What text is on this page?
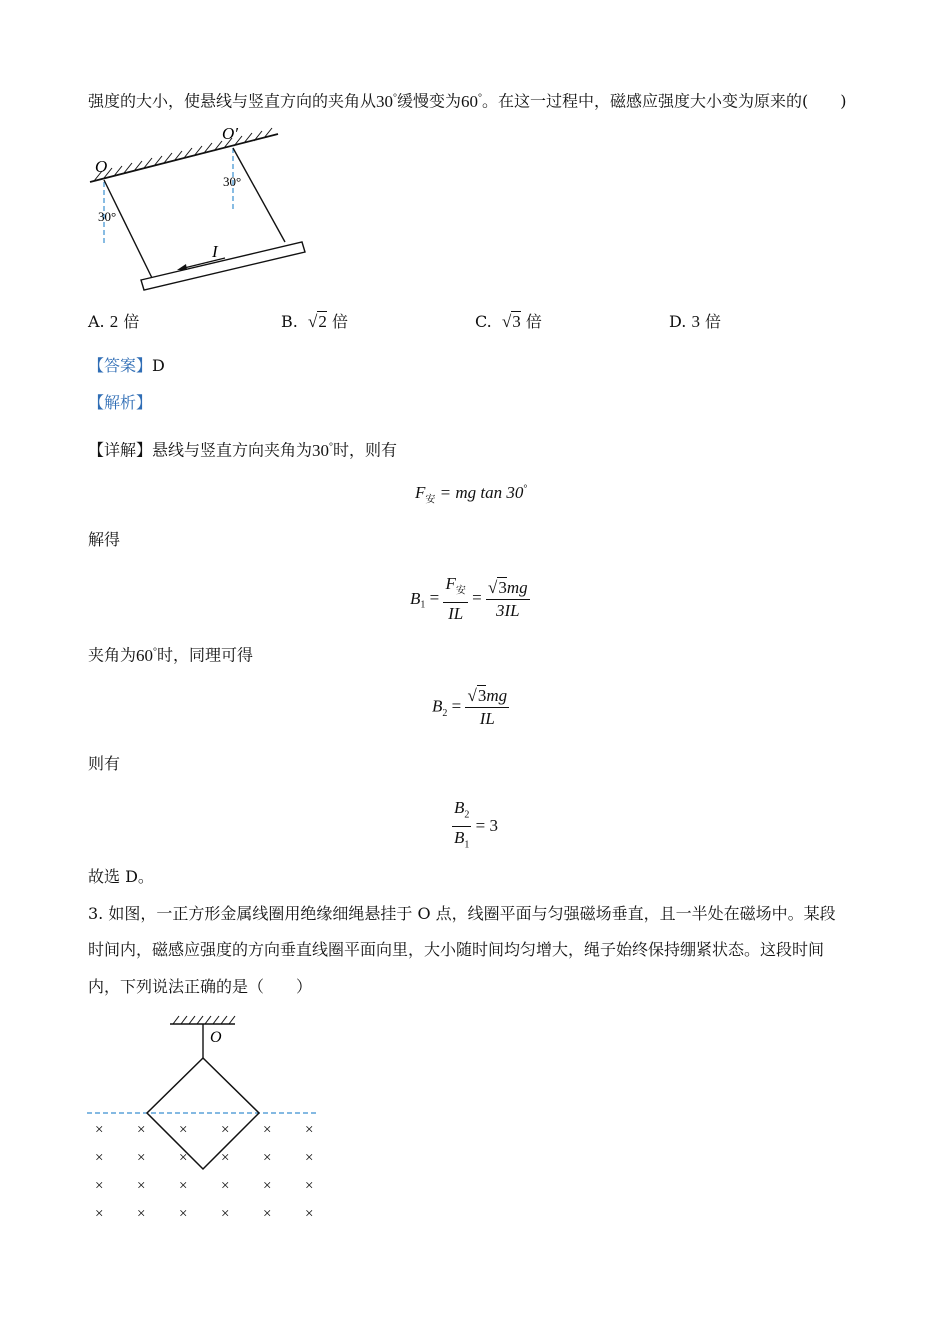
强度的大小，使悬线与竖直方向的夹角从30°缓慢变为60°。在这一过程中，磁感应强度大小变为原来的(　　)
I
O
O′
30°
30°
A. 2 倍	B. √2 倍	C. √3 倍	D. 3 倍
【答案】D
【解析】
【详解】悬线与竖直方向夹角为30°时，则有
$F_安$ = mg tan 30°
解得
$B_1 = \frac{F_安}{IL} = \frac{√3mg}{3IL}$
夹角为60°时，同理可得
$B_2 = \frac{√3mg}{IL}$
则有
$\frac{B_2}{B_1} = 3$
故选 D。
3. 如图，一正方形金属线圈用绝缘细绳悬挂于 O 点，线圈平面与匀强磁场垂直，且一半处在磁场中。某段
时间内，磁感应强度的方向垂直线圈平面向里，大小随时间均匀增大，绳子始终保持绷紧状态。这段时间
内，下列说法正确的是（　　）
O
× × × × × ×
× × × × × ×
× × × × × ×
× × × × × ×
